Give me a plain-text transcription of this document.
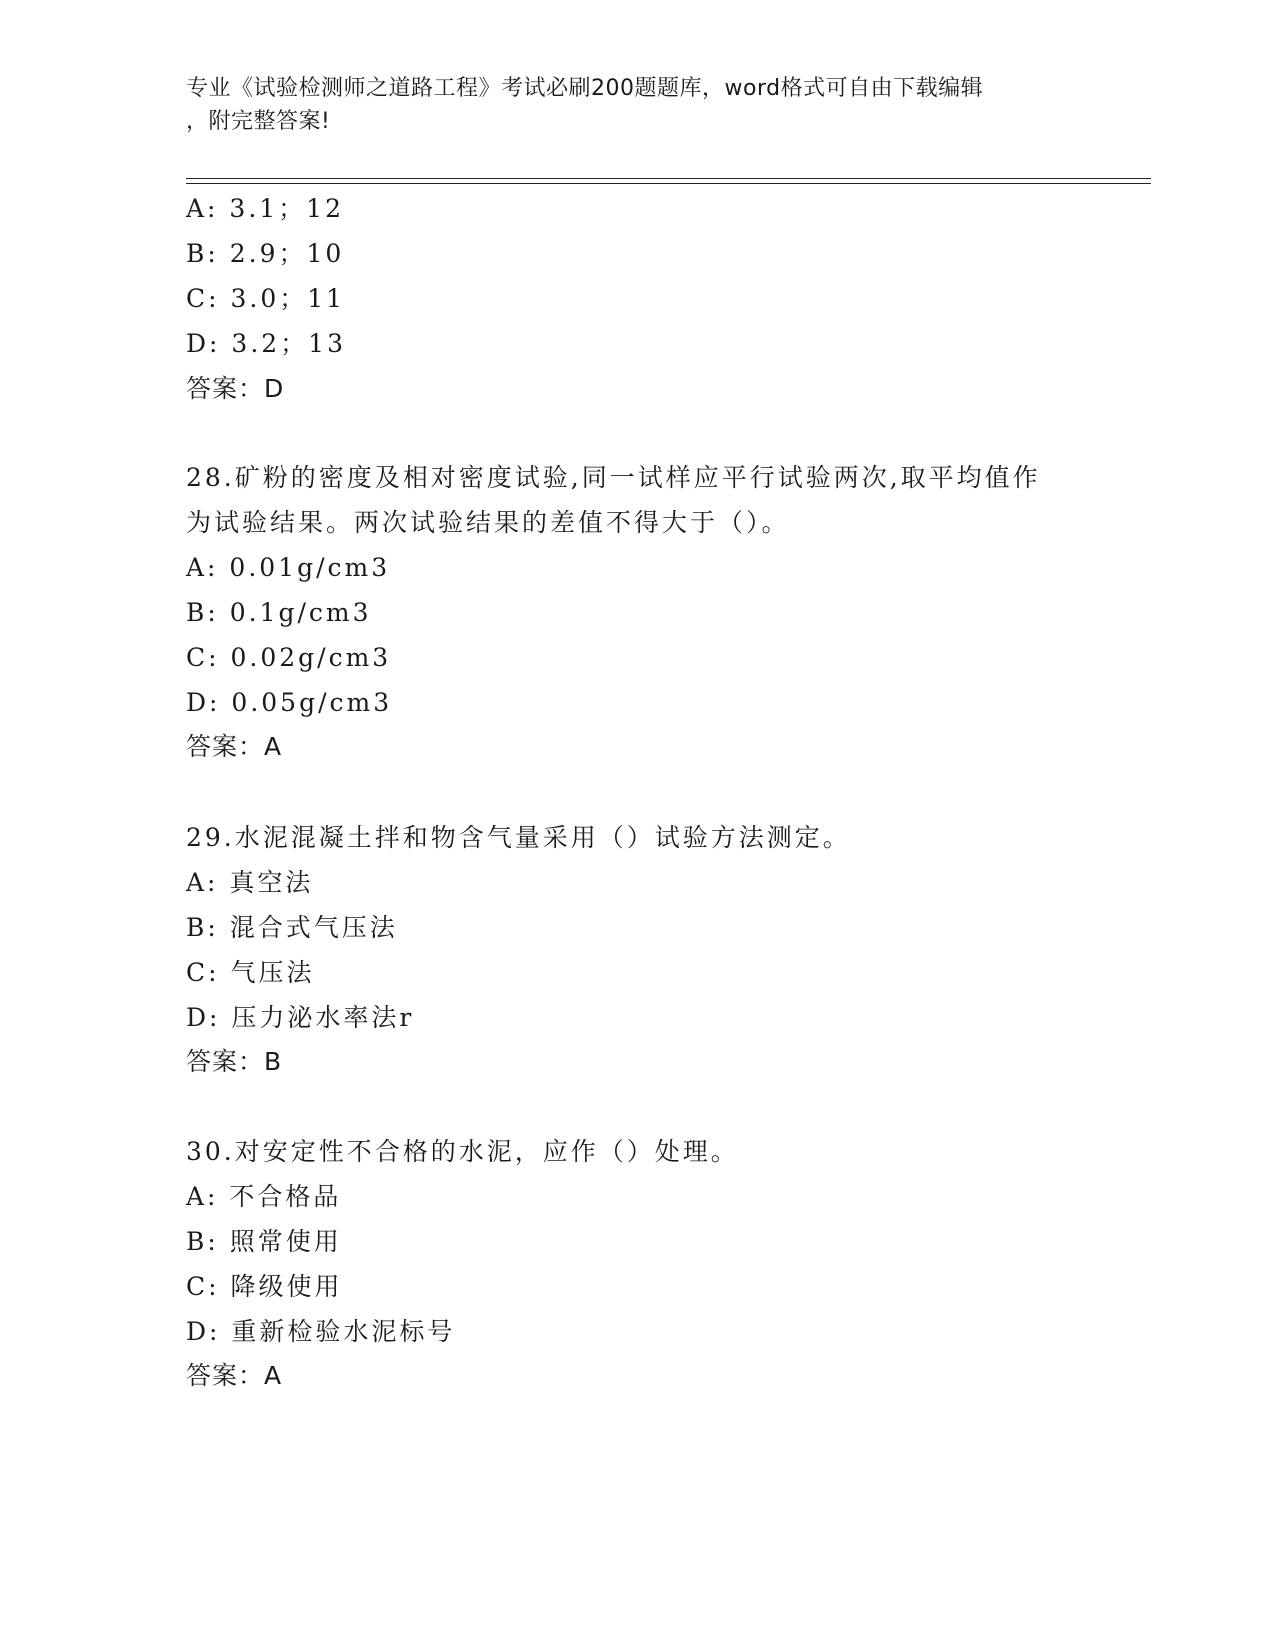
专业《试验检测师之道路工程》考试必刷200题题库，word格式可自由下载编辑
，附完整答案!
A: 3.1；12
B: 2.9；10
C: 3.0；11
D: 3.2；13
答案：D
28.矿粉的密度及相对密度试验,同一试样应平行试验两次,取平均值作
为试验结果。两次试验结果的差值不得大于（）。
A: 0.01g/cm3
B: 0.1g/cm3
C: 0.02g/cm3
D: 0.05g/cm3
答案：A
29.水泥混凝土拌和物含气量采用（）试验方法测定。
A: 真空法
B: 混合式气压法
C: 气压法
D: 压力泌水率法r
答案：B
30.对安定性不合格的水泥，应作（）处理。
A: 不合格品
B: 照常使用
C: 降级使用
D: 重新检验水泥标号
答案：A
